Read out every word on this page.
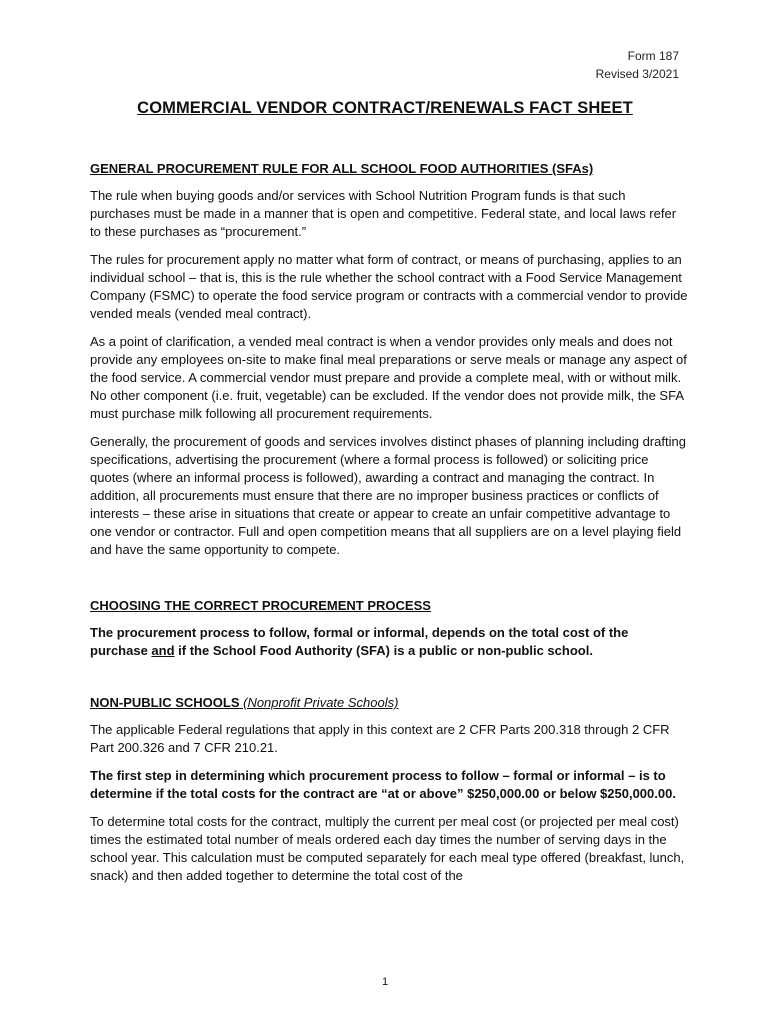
Form 187
Revised 3/2021
COMMERCIAL VENDOR CONTRACT/RENEWALS FACT SHEET
GENERAL PROCUREMENT RULE FOR ALL SCHOOL FOOD AUTHORITIES (SFAs)

The rule when buying goods and/or services with School Nutrition Program funds is that such purchases must be made in a manner that is open and competitive. Federal state, and local laws refer to these purchases as “procurement.”

The rules for procurement apply no matter what form of contract, or means of purchasing, applies to an individual school – that is, this is the rule whether the school contract with a Food Service Management Company (FSMC) to operate the food service program or contracts with a commercial vendor to provide vended meals (vended meal contract).

As a point of clarification, a vended meal contract is when a vendor provides only meals and does not provide any employees on-site to make final meal preparations or serve meals or manage any aspect of the food service. A commercial vendor must prepare and provide a complete meal, with or without milk. No other component (i.e. fruit, vegetable) can be excluded. If the vendor does not provide milk, the SFA must purchase milk following all procurement requirements.

Generally, the procurement of goods and services involves distinct phases of planning including drafting specifications, advertising the procurement (where a formal process is followed) or soliciting price quotes (where an informal process is followed), awarding a contract and managing the contract. In addition, all procurements must ensure that there are no improper business practices or conflicts of interests – these arise in situations that create or appear to create an unfair competitive advantage to one vendor or contractor. Full and open competition means that all suppliers are on a level playing field and have the same opportunity to compete.

CHOOSING THE CORRECT PROCUREMENT PROCESS

The procurement process to follow, formal or informal, depends on the total cost of the purchase and if the School Food Authority (SFA) is a public or non-public school.

NON-PUBLIC SCHOOLS (Nonprofit Private Schools)

The applicable Federal regulations that apply in this context are 2 CFR Parts 200.318 through 2 CFR Part 200.326 and 7 CFR 210.21.

The first step in determining which procurement process to follow – formal or informal – is to determine if the total costs for the contract are “at or above” $250,000.00 or below $250,000.00.

To determine total costs for the contract, multiply the current per meal cost (or projected per meal cost) times the estimated total number of meals ordered each day times the number of serving days in the school year. This calculation must be computed separately for each meal type offered (breakfast, lunch, snack) and then added together to determine the total cost of the

1
